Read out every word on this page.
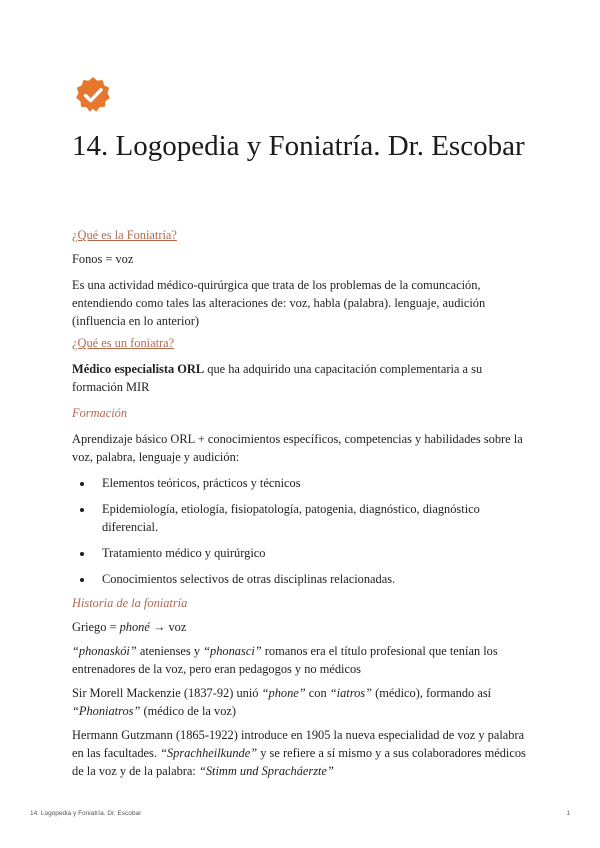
14. Logopedia y Foniatría. Dr. Escobar

¿Qué es la Foniatría?

Fonos = voz

Es una actividad médico-quirúrgica que trata de los problemas de la comuncación, entendiendo como tales las alteraciones de: voz, habla (palabra). lenguaje, audición (influencia en lo anterior)

¿Qué es un foniatra?

Médico especialista ORL que ha adquirido una capacitación complementaria a su formación MIR

Formación

Aprendizaje básico ORL + conocimientos específicos, competencias y habilidades sobre la voz, palabra, lenguaje y audición:

• Elementos teóricos, prácticos y técnicos
• Epidemiología, etiología, fisiopatología, patogenia, diagnóstico, diagnóstico diferencial.
• Tratamiento médico y quirúrgico
• Conocimientos selectivos de otras disciplinas relacionadas.

Historia de la foniatría

Griego = phoné → voz

“phonaskói” atenienses y “phonasci” romanos era el título profesional que tenían los entrenadores de la voz, pero eran pedagogos y no médicos

Sir Morell Mackenzie (1837-92) unió “phone” con “iatros” (médico), formando así “Phoniatros” (médico de la voz)

Hermann Gutzmann (1865-1922) introduce en 1905 la nueva especialidad de voz y palabra en las facultades. “Sprachheilkunde” y se refiere a sí mismo y a sus colaboradores médicos de la voz y de la palabra: “Stimm und Spracháerzte”

14. Logopedia y Foniatría. Dr. Escobar	1
